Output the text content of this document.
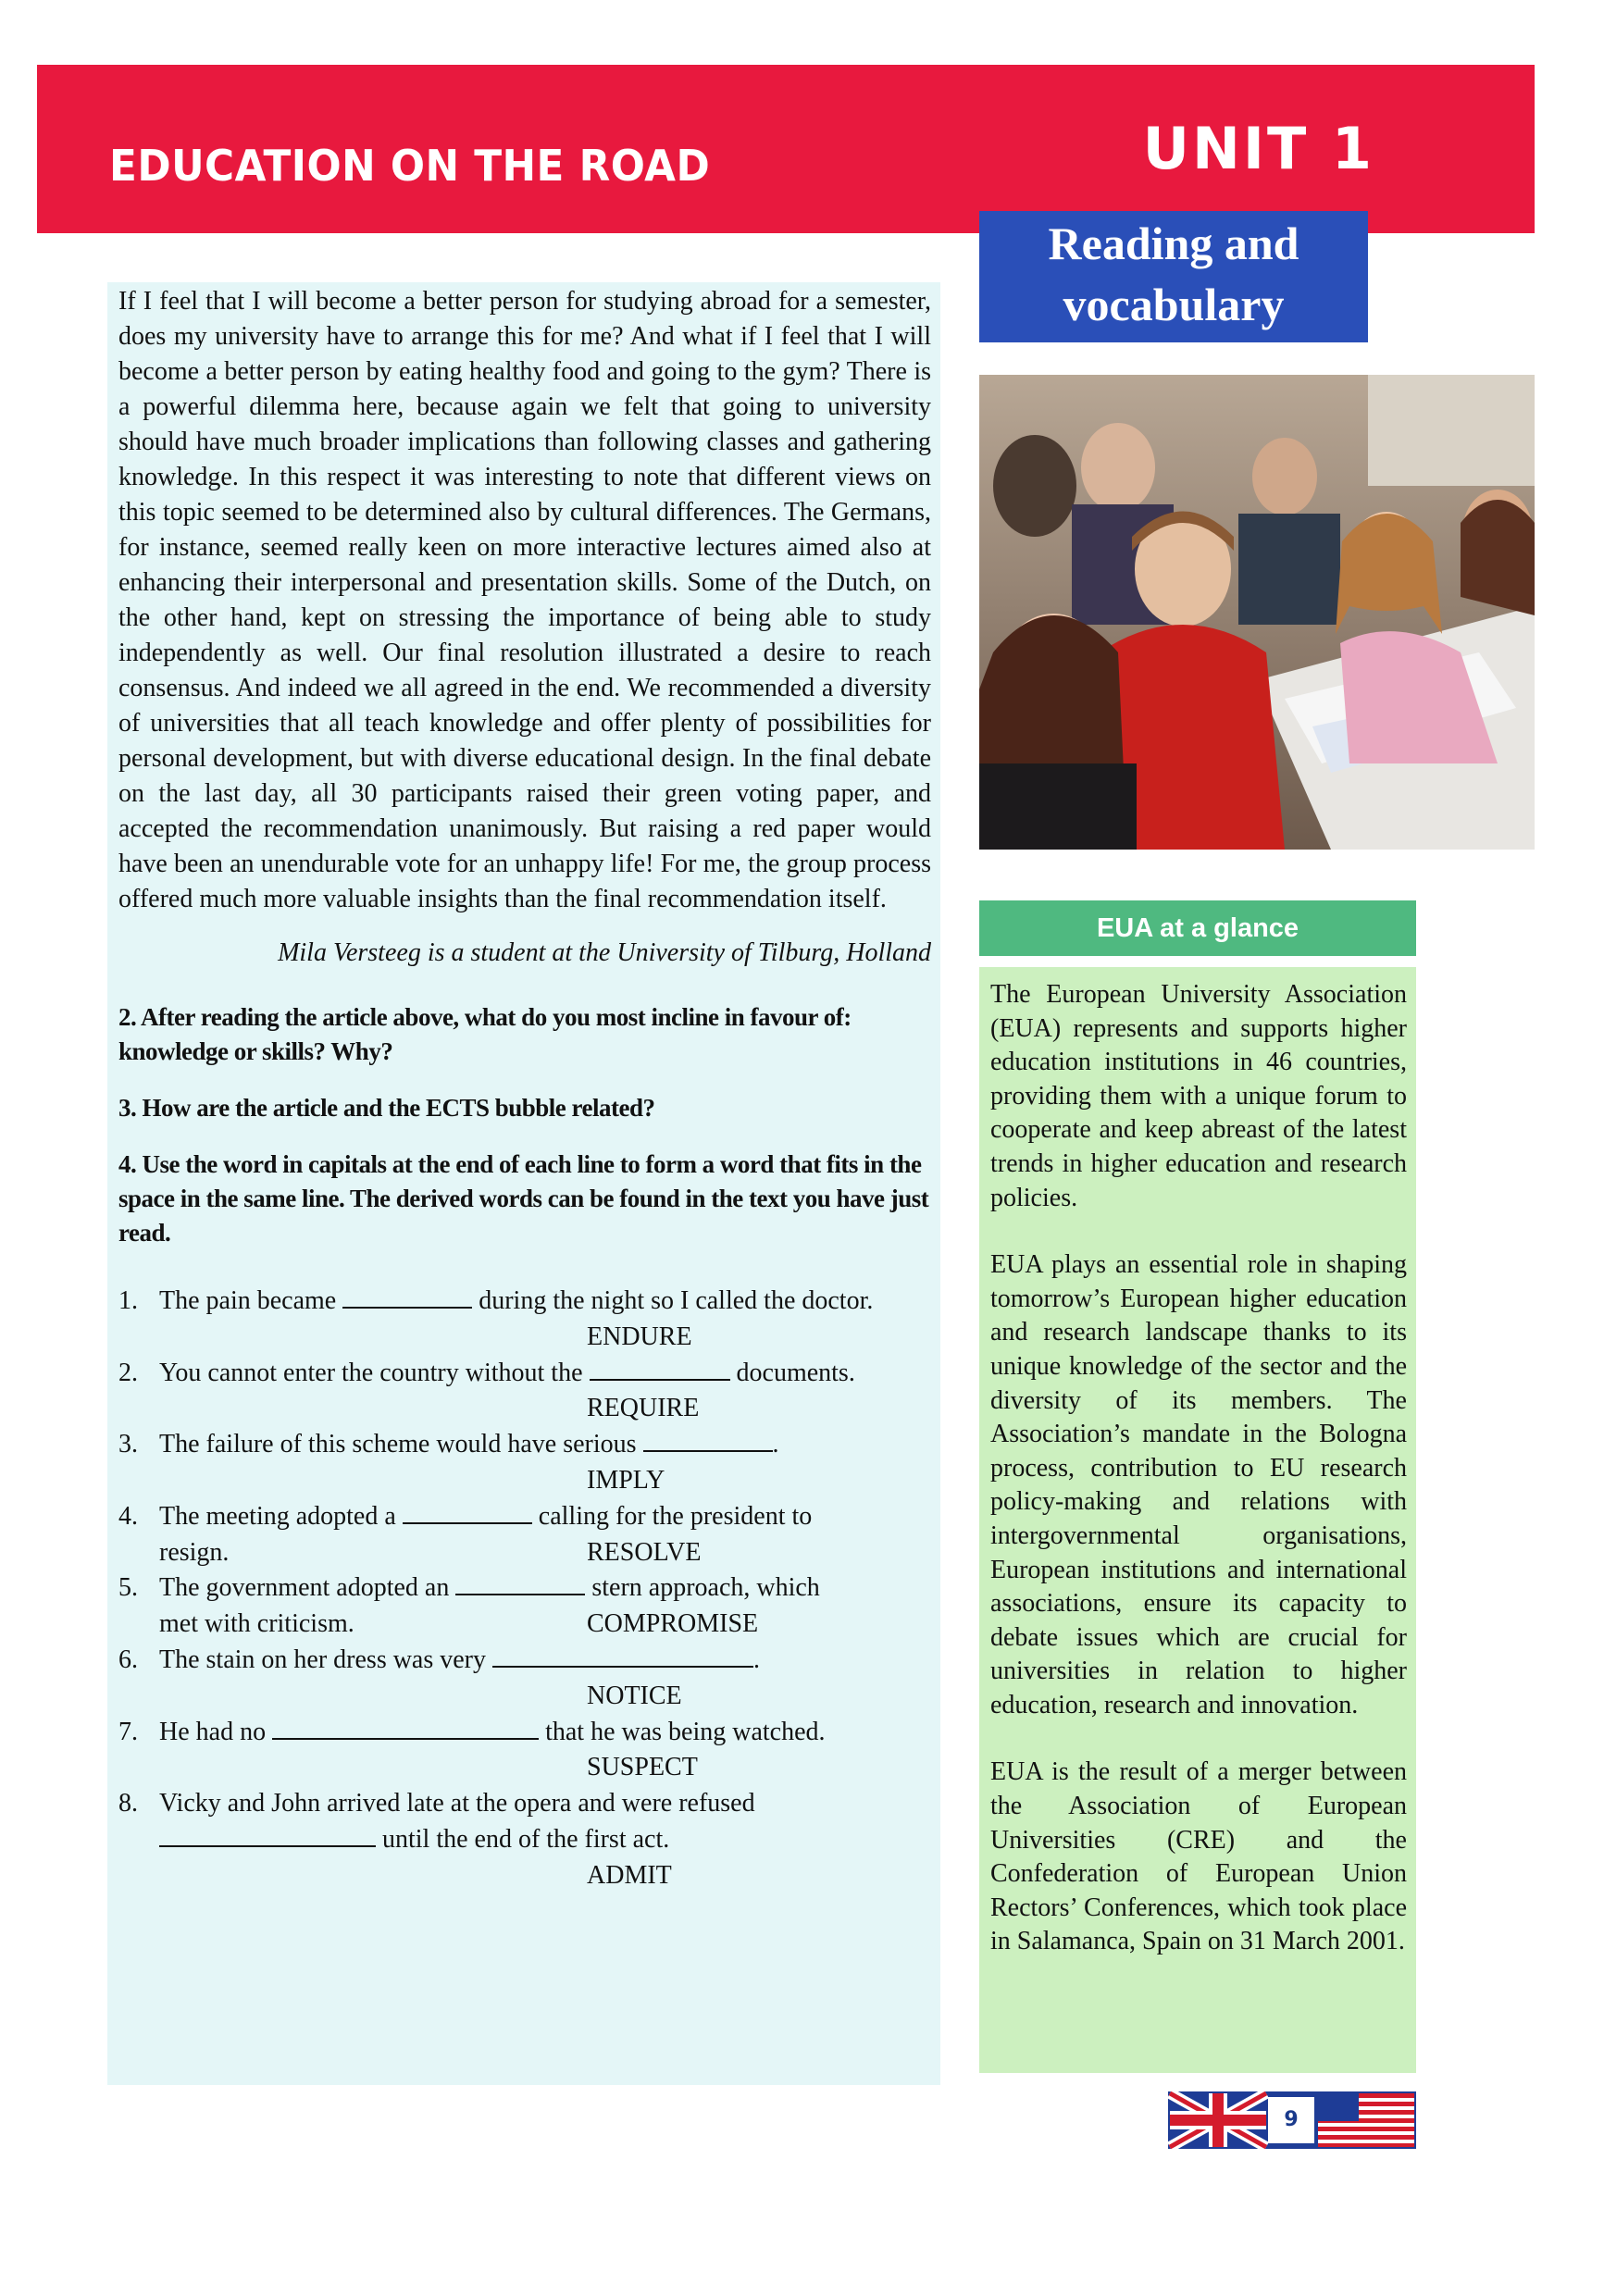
EDUCATION ON THE ROAD	UNIT 1
Reading and
vocabulary

If I feel that I will become a better person for studying abroad for a semester, does my university have to arrange this for me? And what if I feel that I will become a better person by eating healthy food and going to the gym? There is a powerful dilemma here, because again we felt that going to university should have much broader implications than following classes and gathering knowledge. In this respect it was interesting to note that different views on this topic seemed to be determined also by cultural differences. The Germans, for instance, seemed really keen on more interactive lectures aimed also at enhancing their interpersonal and presentation skills. Some of the Dutch, on the other hand, kept on stressing the importance of being able to study independently as well. Our final resolution illustrated a desire to reach consensus. And indeed we all agreed in the end. We recommended a diversity of universities that all teach knowledge and offer plenty of possibilities for personal development, but with diverse educational design. In the final debate on the last day, all 30 participants raised their green voting paper, and accepted the recommendation unanimously. But raising a red paper would have been an unendurable vote for an unhappy life! For me, the group process offered much more valuable insights than the final recommendation itself.

Mila Versteeg is a student at the University of Tilburg, Holland

2. After reading the article above, what do you most incline in favour of: knowledge or skills? Why?

3. How are the article and the ECTS bubble related?

4. Use the word in capitals at the end of each line to form a word that fits in the space in the same line. The derived words can be found in the text you have just read.

1. The pain became	during the night so I called the doctor.
ENDURE
2. You cannot enter the country without the	documents.
REQUIRE
3. The failure of this scheme would have serious	.
IMPLY
4. The meeting adopted a	calling for the president to
resign.	RESOLVE
5. The government adopted an	stern approach, which
met with criticism.	COMPROMISE
6. The stain on her dress was very	.
NOTICE
7. He had no	that he was being watched.
SUSPECT
8. Vicky and John arrived late at the opera and were refused
until the end of the first act.
ADMIT
EUA at a glance

The European University Association (EUA) represents and supports higher education institutions in 46 countries, providing them with a unique forum to cooperate and keep abreast of the latest trends in higher education and research policies.

EUA plays an essential role in shaping tomorrow’s European higher education and research landscape thanks to its unique knowledge of the sector and the diversity of its members. The Association’s mandate in the Bologna process, contribution to EU research policy-making and relations with intergovernmental organisations, European institutions and international associations, ensure its capacity to debate issues which are crucial for universities in relation to higher education, research and innovation.

EUA is the result of a merger between the Association of European Universities (CRE) and the Confederation of European Union Rectors’ Conferences, which took place in Salamanca, Spain on 31 March 2001.

9
